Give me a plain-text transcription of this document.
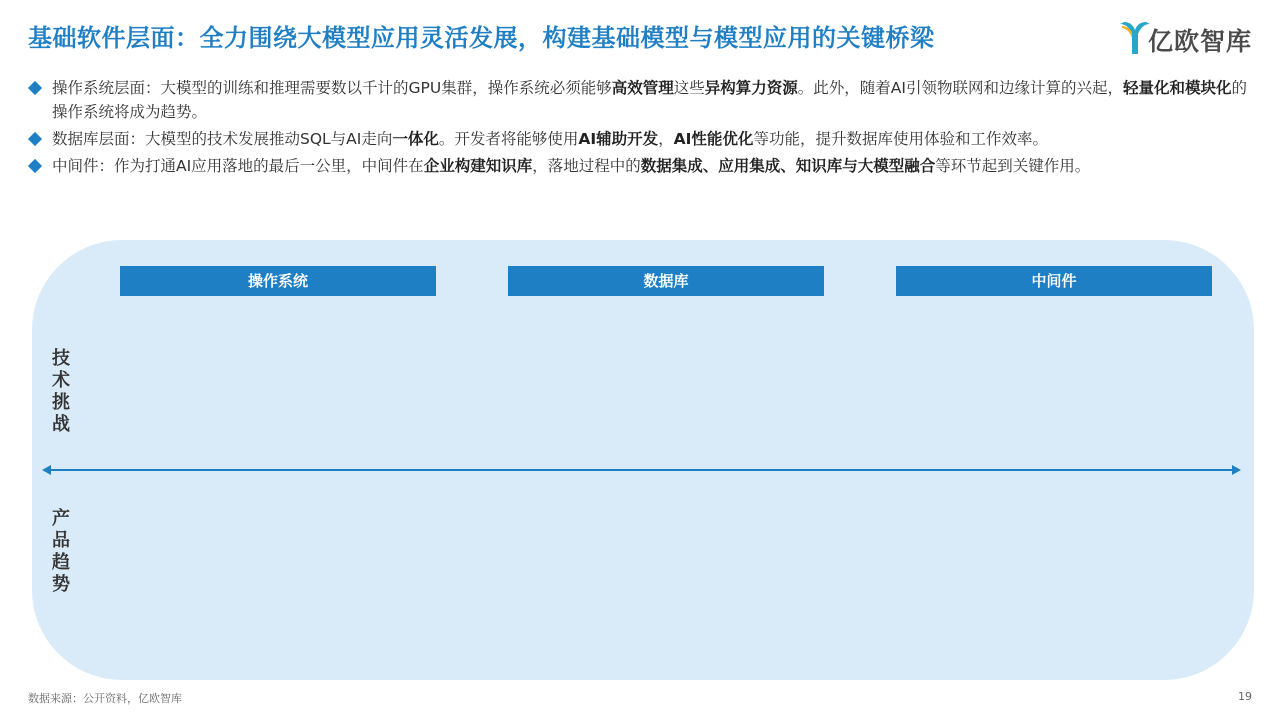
基础软件层面：全力围绕大模型应用灵活发展，构建基础模型与模型应用的关键桥梁	亿欧智库
操作系统层面：大模型的训练和推理需要数以千计的GPU集群，操作系统必须能够高效管理这些异构算力资源。此外，随着AI引领物联网和边缘计算的兴起，轻量化和模块化的操作系统将成为趋势。
数据库层面：大模型的技术发展推动SQL与AI走向一体化。开发者将能够使用AI辅助开发，AI性能优化等功能，提升数据库使用体验和工作效率。
中间件：作为打通AI应用落地的最后一公里，中间件在企业构建知识库，落地过程中的数据集成、应用集成、知识库与大模型融合等环节起到关键作用。
操作系统	数据库	中间件
技术挑战
产品趋势
数据来源：公开资料，亿欧智库	19
